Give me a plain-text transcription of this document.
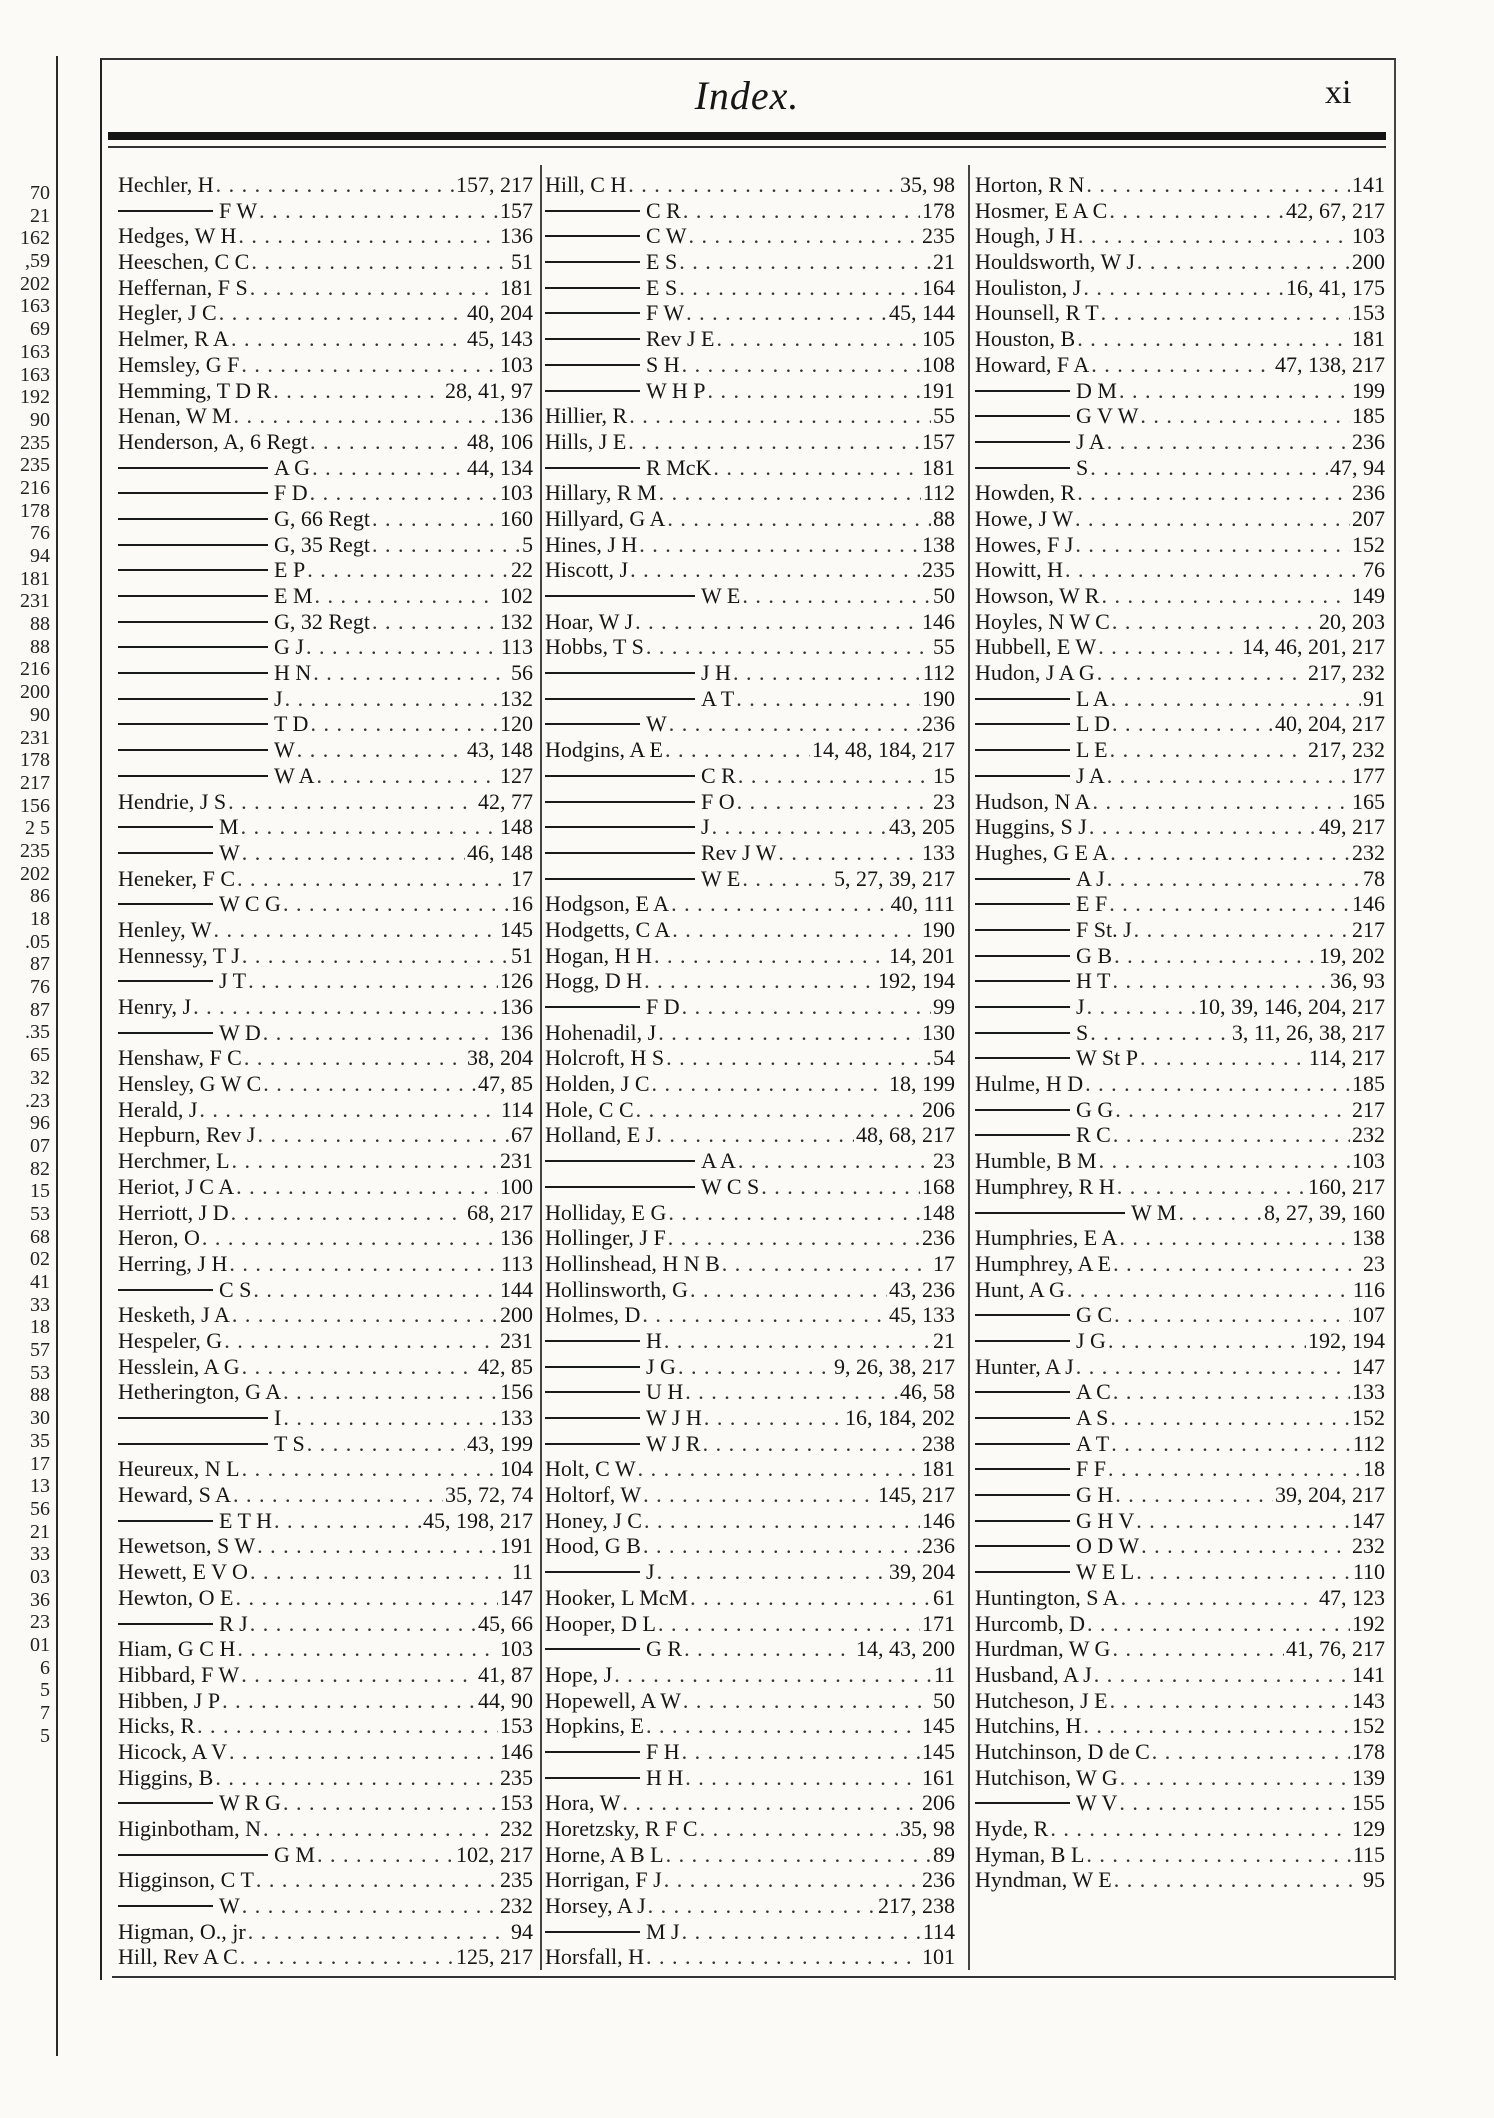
70
21
162
,59
202
163
69
163
163
192
90
235
235
216
178
76
94
181
231
88
88
216
200
90
231
178
217
156
2 5
235
202
86
18
.05
87
76
87
.35
65
32
.23
96
07
82
15
53
68
02
41
33
18
57
53
88
30
35
17
13
56
21
33
03
36
23
01
6
5
7
5
Index.	xi
Hechler, H . . .	157, 217
F W . . .	157
Hedges, W H . . .	136
Heeschen, C C . . .	51
Heffernan, F S . . .	181
Hegler, J C . . .	40, 204
Helmer, R A . . .	45, 143
Hemsley, G F . . .	103
Hemming, T D R . . .	28, 41, 97
Henan, W M . . .	136
Henderson, A, 6 Regt . . .	48, 106
A G . . .	44, 134
F D . . .	103
G, 66 Regt . . .	160
G, 35 Regt . . .	5
E P . . .	22
E M . . .	102
G, 32 Regt . . .	132
G J . . .	113
H N . . .	56
J . . .	132
T D . . .	120
W . . .	43, 148
W A . . .	127
Hendrie, J S . . .	42, 77
M . . .	148
W . . .	46, 148
Heneker, F C . . .	17
W C G . . .	16
Henley, W . . .	145
Hennessy, T J . . .	51
J T . . .	126
Henry, J . . .	136
W D . . .	136
Henshaw, F C . . .	38, 204
Hensley, G W C . . .	47, 85
Herald, J . . .	114
Hepburn, Rev J . . .	67
Herchmer, L . . .	231
Heriot, J C A . . .	100
Herriott, J D . . .	68, 217
Heron, O . . .	136
Herring, J H . . .	113
C S . . .	144
Hesketh, J A . . .	200
Hespeler, G . . .	231
Hesslein, A G . . .	42, 85
Hetherington, G A . . .	156
I . . .	133
T S . . .	43, 199
Heureux, N L . . .	104
Heward, S A . . .	35, 72, 74
E T H . . .	45, 198, 217
Hewetson, S W . . .	191
Hewett, E V O . . .	11
Hewton, O E . . .	147
R J . . .	45, 66
Hiam, G C H . . .	103
Hibbard, F W . . .	41, 87
Hibben, J P . . .	44, 90
Hicks, R . . .	153
Hicock, A V . . .	146
Higgins, B . . .	235
W R G . . .	153
Higinbotham, N . . .	232
G M . . .	102, 217
Higginson, C T . . .	235
W . . .	232
Higman, O., jr . . .	94
Hill, Rev A C . . .	125, 217
Hill, C H . . .	35, 98
C R . . .	178
C W . . .	235
E S . . .	21
E S . . .	164
F W . . .	45, 144
Rev J E . . .	105
S H . . .	108
W H P . . .	191
Hillier, R . . .	55
Hills, J E . . .	157
R McK . . .	181
Hillary, R M . . .	112
Hillyard, G A . . .	88
Hines, J H . . .	138
Hiscott, J . . .	235
W E . . .	50
Hoar, W J . . .	146
Hobbs, T S . . .	55
J H . . .	112
A T . . .	190
W . . .	236
Hodgins, A E . . .	14, 48, 184, 217
C R . . .	15
F O . . .	23
J . . .	43, 205
Rev J W . . .	133
W E . . .	5, 27, 39, 217
Hodgson, E A . . .	40, 111
Hodgetts, C A . . .	190
Hogan, H H . . .	14, 201
Hogg, D H . . .	192, 194
F D . . .	99
Hohenadil, J . . .	130
Holcroft, H S . . .	54
Holden, J C . . .	18, 199
Hole, C C . . .	206
Holland, E J . . .	48, 68, 217
A A . . .	23
W C S . . .	168
Holliday, E G . . .	148
Hollinger, J F . . .	236
Hollinshead, H N B . . .	17
Hollinsworth, G . . .	43, 236
Holmes, D . . .	45, 133
H . . .	21
J G . . .	9, 26, 38, 217
U H . . .	46, 58
W J H . . .	16, 184, 202
W J R . . .	238
Holt, C W . . .	181
Holtorf, W . . .	145, 217
Honey, J C . . .	146
Hood, G B . . .	236
J . . .	39, 204
Hooker, L McM . . .	61
Hooper, D L . . .	171
G R . . .	14, 43, 200
Hope, J . . .	11
Hopewell, A W . . .	50
Hopkins, E . . .	145
F H . . .	145
H H . . .	161
Hora, W . . .	206
Horetzsky, R F C . . .	35, 98
Horne, A B L . . .	89
Horrigan, F J . . .	236
Horsey, A J . . .	217, 238
M J . . .	114
Horsfall, H . . .	101
Horton, R N . . .	141
Hosmer, E A C . . .	42, 67, 217
Hough, J H . . .	103
Houldsworth, W J . . .	200
Houliston, J . . .	16, 41, 175
Hounsell, R T . . .	153
Houston, B . . .	181
Howard, F A . . .	47, 138, 217
D M . . .	199
G V W . . .	185
J A . . .	236
S . . .	47, 94
Howden, R . . .	236
Howe, J W . . .	207
Howes, F J . . .	152
Howitt, H . . .	76
Howson, W R . . .	149
Hoyles, N W C . . .	20, 203
Hubbell, E W . . .	14, 46, 201, 217
Hudon, J A G . . .	217, 232
L A . . .	91
L D . . .	40, 204, 217
L E . . .	217, 232
J A . . .	177
Hudson, N A . . .	165
Huggins, S J . . .	49, 217
Hughes, G E A . . .	232
A J . . .	78
E F . . .	146
F St. J . . .	217
G B . . .	19, 202
H T . . .	36, 93
J . . .	10, 39, 146, 204, 217
S . . .	3, 11, 26, 38, 217
W St P . . .	114, 217
Hulme, H D . . .	185
G G . . .	217
R C . . .	232
Humble, B M . . .	103
Humphrey, R H . . .	160, 217
W M . . .	8, 27, 39, 160
Humphries, E A . . .	138
Humphrey, A E . . .	23
Hunt, A G . . .	116
G C . . .	107
J G . . .	192, 194
Hunter, A J . . .	147
A C . . .	133
A S . . .	152
A T . . .	112
F F . . .	18
G H . . .	39, 204, 217
G H V . . .	147
O D W . . .	232
W E L . . .	110
Huntington, S A . . .	47, 123
Hurcomb, D . . .	192
Hurdman, W G . . .	41, 76, 217
Husband, A J . . .	141
Hutcheson, J E . . .	143
Hutchins, H . . .	152
Hutchinson, D de C . . .	178
Hutchison, W G . . .	139
W V . . .	155
Hyde, R . . .	129
Hyman, B L . . .	115
Hyndman, W E . . .	95
